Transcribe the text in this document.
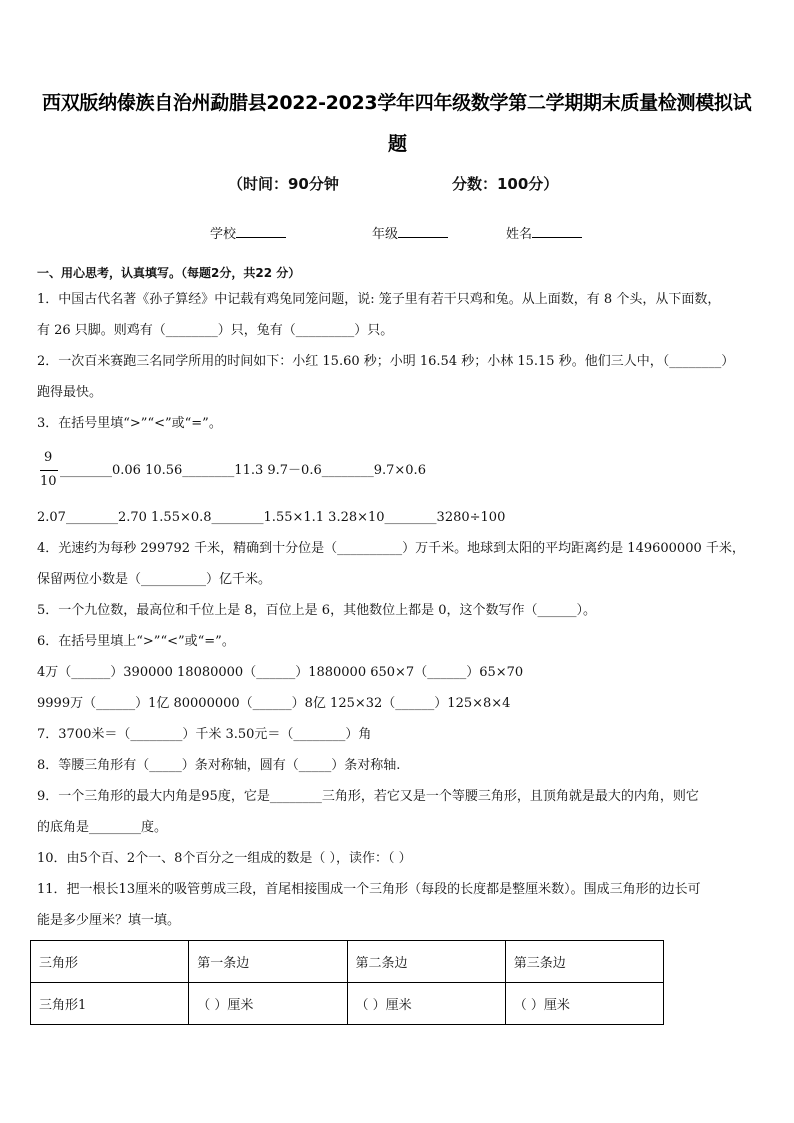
西双版纳傣族自治州勐腊县2022-2023学年四年级数学第二学期期末质量检测模拟试
题
（时间：90分钟	分数：100分）
学校	年级	姓名
一、用心思考，认真填写。（每题2分，共22 分）
1．中国古代名著《孙子算经》中记载有鸡兔同笼问题，说: 笼子里有若干只鸡和兔。从上面数，有 8 个头，从下面数，
有 26 只脚。则鸡有（________）只，兔有（_________）只。
2．一次百米赛跑三名同学所用的时间如下：小红 15.60 秒；小明 16.54 秒；小林 15.15 秒。他们三人中，（________）
跑得最快。
3．在括号里填“>”“<”或“=”。
9
10
________0.06 10.56________11.3 9.7－0.6________9.7×0.6
2.07________2.70 1.55×0.8________1.55×1.1 3.28×10________3280÷100
4．光速约为每秒 299792 千米，精确到十分位是（__________）万千米。地球到太阳的平均距离约是 149600000 千米，
保留两位小数是（__________）亿千米。
5．一个九位数，最高位和千位上是 8，百位上是 6，其他数位上都是 0，这个数写作（______）。
6．在括号里填上“>”“<”或“=”。
4万（______）390000 18080000（______）1880000 650×7（______）65×70
9999万（______）1亿 80000000（______）8亿 125×32（______）125×8×4
7．3700米＝（________）千米 3.50元＝（________）角
8．等腰三角形有（_____）条对称轴，圆有（_____）条对称轴.
9．一个三角形的最大内角是95度，它是________三角形，若它又是一个等腰三角形，且顶角就是最大的内角，则它
的底角是________度。
10．由5个百、2个一、8个百分之一组成的数是（ ），读作：（ ）
11．把一根长13厘米的吸管剪成三段，首尾相接围成一个三角形（每段的长度都是整厘米数）。围成三角形的边长可
能是多少厘米？填一填。
三角形	第一条边	第二条边	第三条边
三角形1	（ ）厘米	（ ）厘米	（ ）厘米
